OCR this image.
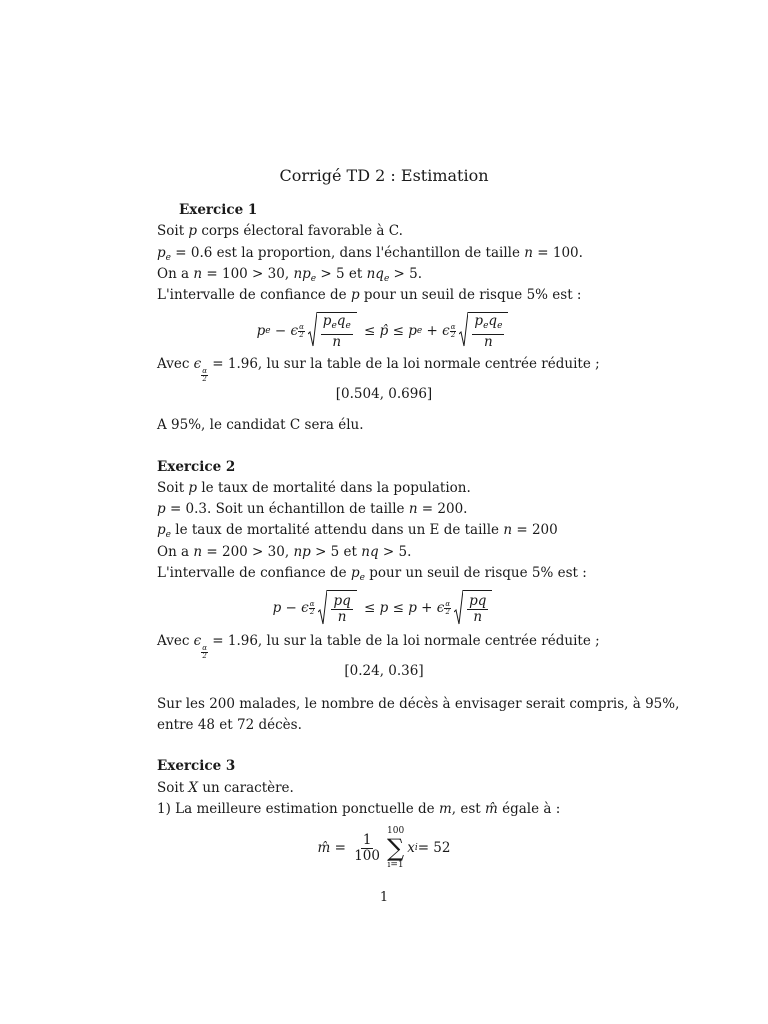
Corrigé TD 2 : Estimation
Exercice 1
Soit p corps électoral favorable à C.
$p_e = 0.6$ est la proportion, dans l'échantillon de taille n = 100.
On a n = 100 > 30, $np_e > 5$ et $nq_e > 5$.
L'intervalle de confiance de p pour un seuil de risque 5% est :
p e − ϵ α
$2 \frac{p_eq_e}{n}$ ≤ p̂ ≤ p e + ϵ α
$2 \frac{p_eq_e}{n}$
Avec ϵ
$\frac{\alpha}{2}$
= 1.96, lu sur la table de la loi normale centrée réduite ;
[0.504, 0.696]
A 95%, le candidat C sera élu.
Exercice 2
Soit p le taux de mortalité dans la population.
p = 0.3. Soit un échantillon de taille n = 200.
$p_e$ le taux de mortalité attendu dans un E de taille n = 200
On a n = 200 > 30, np > 5 et nq > 5.
L'intervalle de confiance de $p_e$ pour un seuil de risque 5% est :
p − ϵ α
$2 \frac{pq}{n} \le p \le p + \epsilon$ α
$2 \frac{pq}{n}$
Avec ϵ
$\frac{\alpha}{2}$
= 1.96, lu sur la table de la loi normale centrée réduite ;
[0.24, 0.36]
Sur les 200 malades, le nombre de décès à envisager serait compris, à 95%,
entre 48 et 72 décès.
Exercice 3
Soit X un caractère.
1) La meilleure estimation ponctuelle de m, est m̂ égale à :
m̂ = $\frac{1}{100}$
100
∑
i=1
x i = 52
1
